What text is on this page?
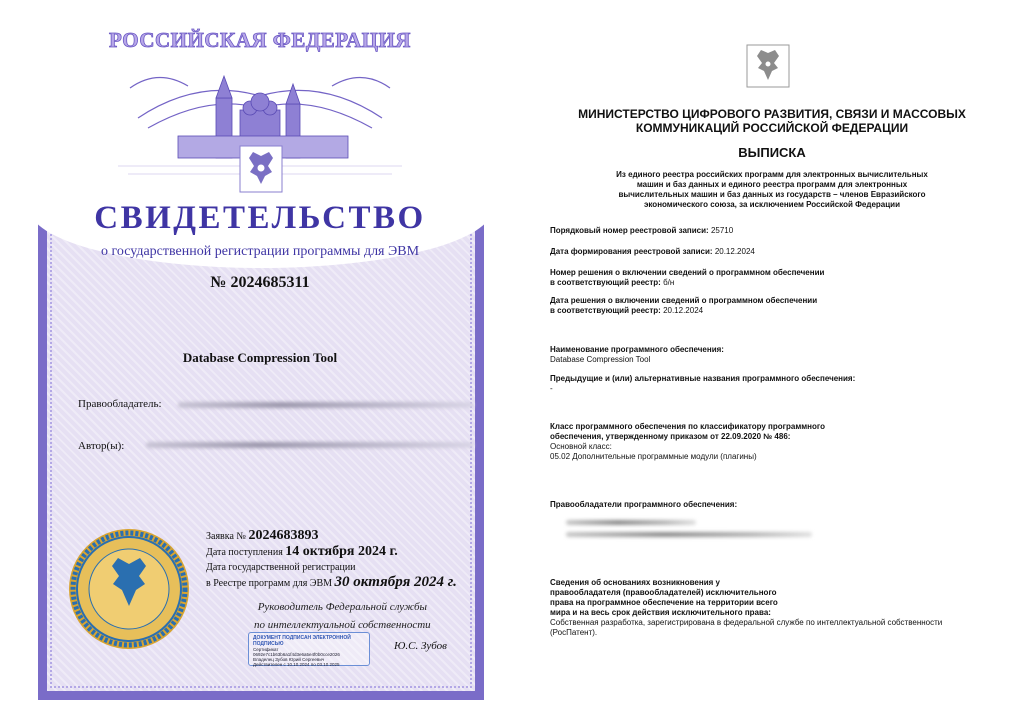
РОССИЙСКАЯ ФЕДЕРАЦИЯ
СВИДЕТЕЛЬСТВО
о государственной регистрации программы для ЭВМ
№ 2024685311
Database Compression Tool
Правообладатель:
Автор(ы):
Заявка № 2024683893
Дата поступления 14 октября 2024 г.
Дата государственной регистрации
в Реестре программ для ЭВМ 30 октября 2024 г.
Руководитель Федеральной службы
по интеллектуальной собственности
ДОКУМЕНТ ПОДПИСАН ЭЛЕКТРОННОЙ ПОДПИСЬЮ
Сертификат 0692e7c1b63b6a1f4d3e6a5e4f0b0cce2026
Владелец Зубов Юрий Сергеевич
Действителен с 10.10.2024 по 03.10.2025
Ю.С. Зубов
МИНИСТЕРСТВО ЦИФРОВОГО РАЗВИТИЯ, СВЯЗИ И МАССОВЫХ
КОММУНИКАЦИЙ РОССИЙСКОЙ ФЕДЕРАЦИИ
ВЫПИСКА
Из единого реестра российских программ для электронных вычислительных
машин и баз данных и единого реестра программ для электронных
вычислительных машин и баз данных из государств – членов Евразийского
экономического союза, за исключением Российской Федерации
Порядковый номер реестровой записи: 25710
Дата формирования реестровой записи: 20.12.2024
Номер решения о включении сведений о программном обеспечении
в соответствующий реестр: б/н
Дата решения о включении сведений о программном обеспечении
в соответствующий реестр: 20.12.2024
Наименование программного обеспечения:
Database Compression Tool
Предыдущие и (или) альтернативные названия программного обеспечения:
-
Класс программного обеспечения по классификатору программного
обеспечения, утвержденному приказом от 22.09.2020 № 486:
Основной класс:
05.02 Дополнительные программные модули (плагины)
Правообладатели программного обеспечения:
Сведения об основаниях возникновения у
правообладателя (правообладателей) исключительного
права на программное обеспечение на территории всего
мира и на весь срок действия исключительного права:
Собственная разработка, зарегистрирована в федеральной службе по интеллектуальной собственности
(РосПатент).
